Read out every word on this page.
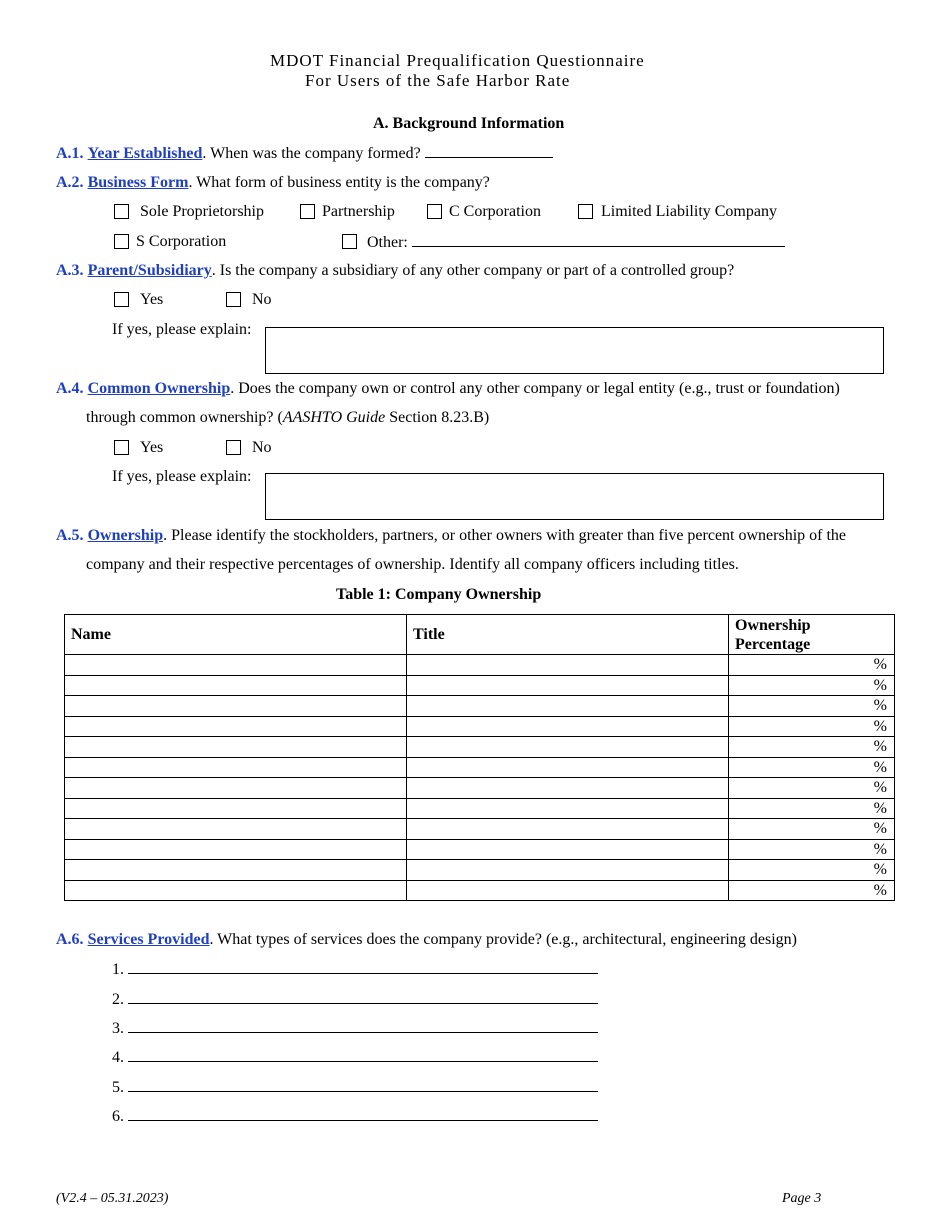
MDOT Financial Prequalification Questionnaire
For Users of the Safe Harbor Rate
A. Background Information
A.1. Year Established. When was the company formed?
A.2. Business Form. What form of business entity is the company?
Sole Proprietorship	Partnership	C Corporation	Limited Liability Company
S Corporation	Other:
A.3. Parent/Subsidiary. Is the company a subsidiary of any other company or part of a controlled group?
Yes	No
If yes, please explain:
A.4. Common Ownership. Does the company own or control any other company or legal entity (e.g., trust or foundation)
through common ownership? (AASHTO Guide Section 8.23.B)
Yes	No
If yes, please explain:
A.5. Ownership. Please identify the stockholders, partners, or other owners with greater than five percent ownership of the
company and their respective percentages of ownership. Identify all company officers including titles.
Table 1: Company Ownership
Name	Title	Ownership Percentage
		%
		%
		%
		%
		%
		%
		%
		%
		%
		%
		%
		%
A.6. Services Provided. What types of services does the company provide? (e.g., architectural, engineering design)
1.
2.
3.
4.
5.
6.
(V2.4 – 05.31.2023)	Page 3
